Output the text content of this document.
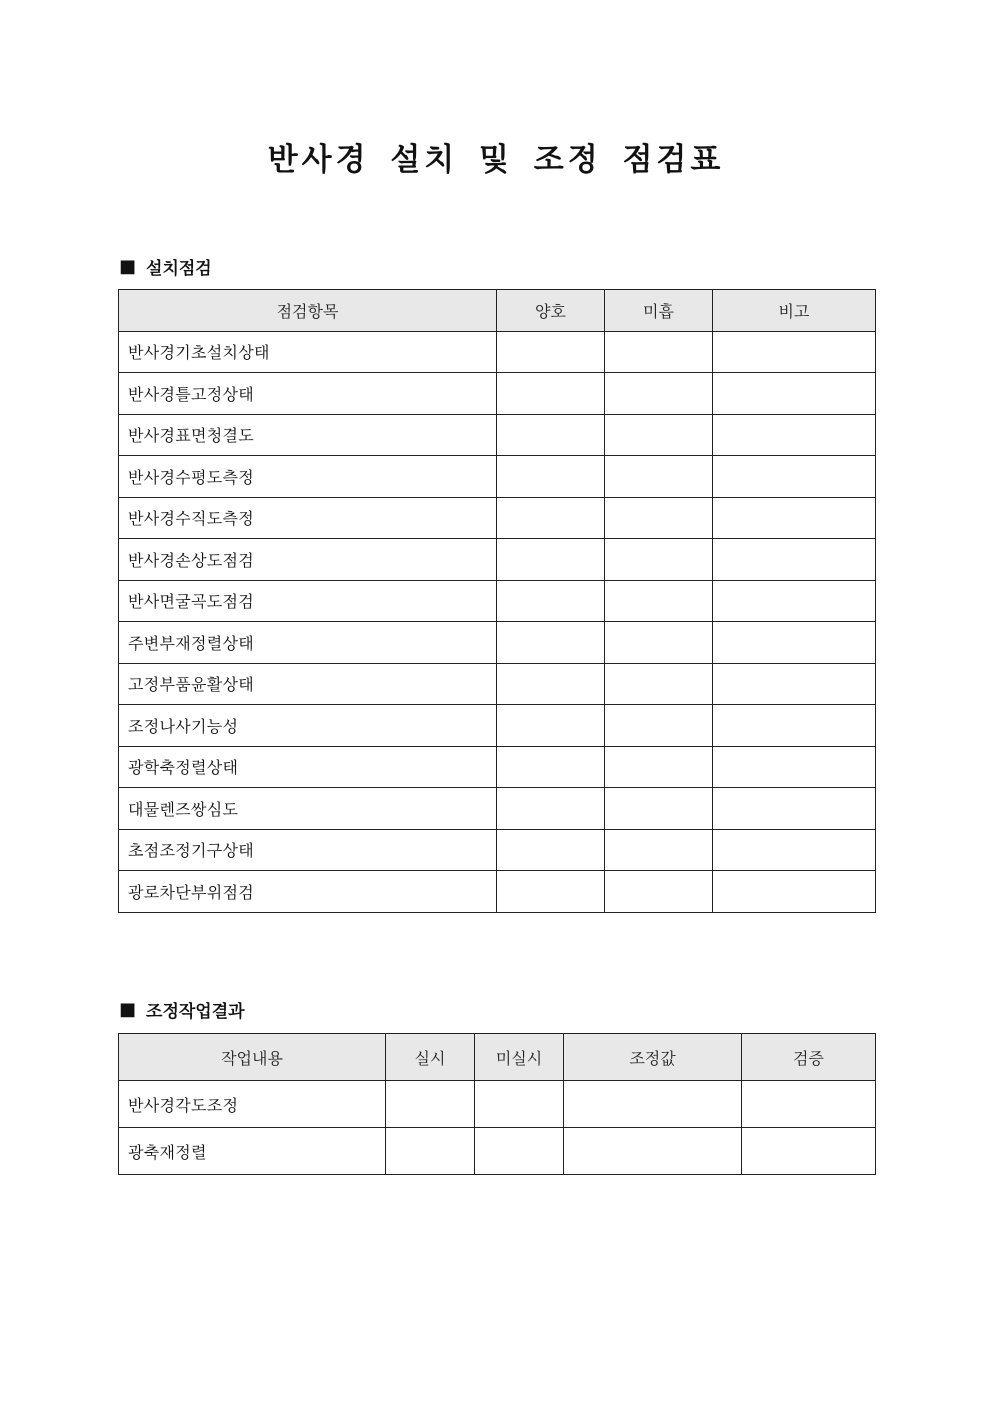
반사경 설치 및 조정 점검표
■ 설치점검
점검항목	양호	미흡	비고
반사경기초설치상태			
반사경틀고정상태			
반사경표면청결도			
반사경수평도측정			
반사경수직도측정			
반사경손상도점검			
반사면굴곡도점검			
주변부재정렬상태			
고정부품윤활상태			
조정나사기능성			
광학축정렬상태			
대물렌즈쌍심도			
초점조정기구상태			
광로차단부위점검			
■ 조정작업결과
작업내용	실시	미실시	조정값	검증
반사경각도조정				
광축재정렬				
